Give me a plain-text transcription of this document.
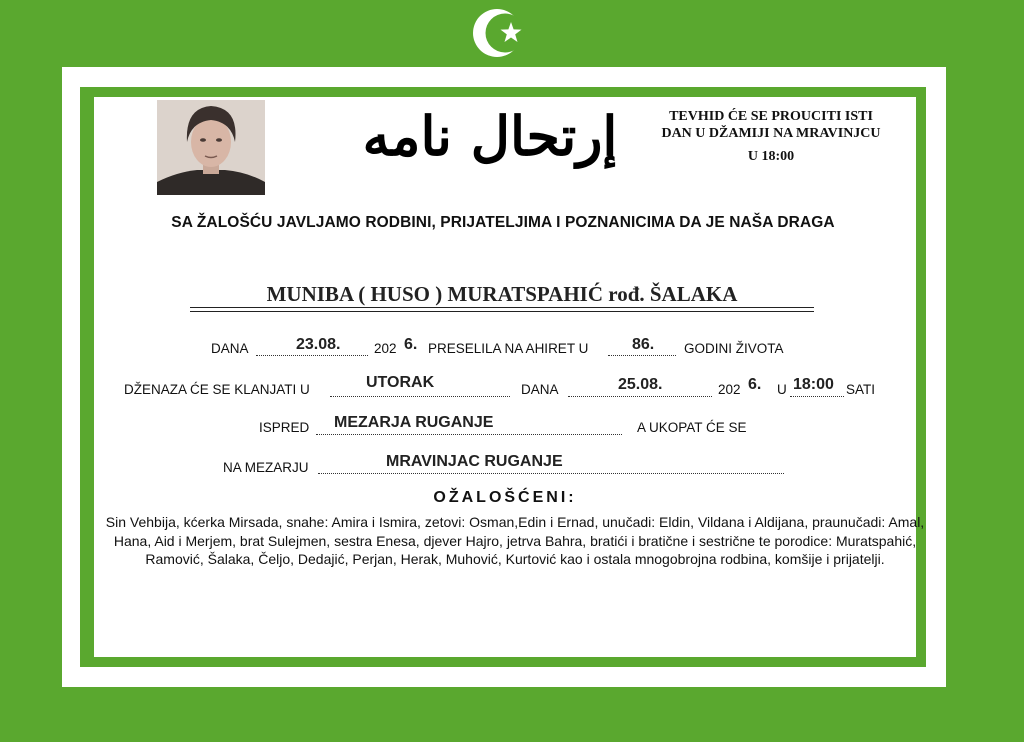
إرتحال نامه	TEVHID ĆE SE PROUCITI ISTI
DAN U DŽAMIJI NA MRAVINJCU
U 18:00
SA ŽALOŠĆU JAVLJAMO RODBINI, PRIJATELJIMA I POZNANICIMA DA JE NAŠA DRAGA
MUNIBA ( HUSO ) MURATSPAHIĆ rođ. ŠALAKA
DANA	23.08. 202 6. PRESELILA NA AHIRET U	86. GODINI ŽIVOTA
DŽENAZA ĆE SE KLANJATI U	UTORAK	DANA	25.08.	202 6. U 18:00 SATI
ISPRED MEZARJA RUGANJE	A UKOPAT ĆE SE
NA MEZARJU	MRAVINJAC RUGANJE
OŽALOŠĆENI:
Sin Vehbija, kćerka Mirsada, snahe: Amira i Ismira, zetovi: Osman,Edin i Ernad, unučadi: Eldin, Vildana i Aldijana, praunučadi: Amal, Hana, Aid i Merjem, brat Sulejmen, sestra Enesa, djever Hajro, jetrva Bahra, bratići i bratične i sestrične te porodice: Muratspahić, Ramović, Šalaka, Čeljo, Dedajić, Perjan, Herak, Muhović, Kurtović kao i ostala mnogobrojna rodbina, komšije i prijatelji.
